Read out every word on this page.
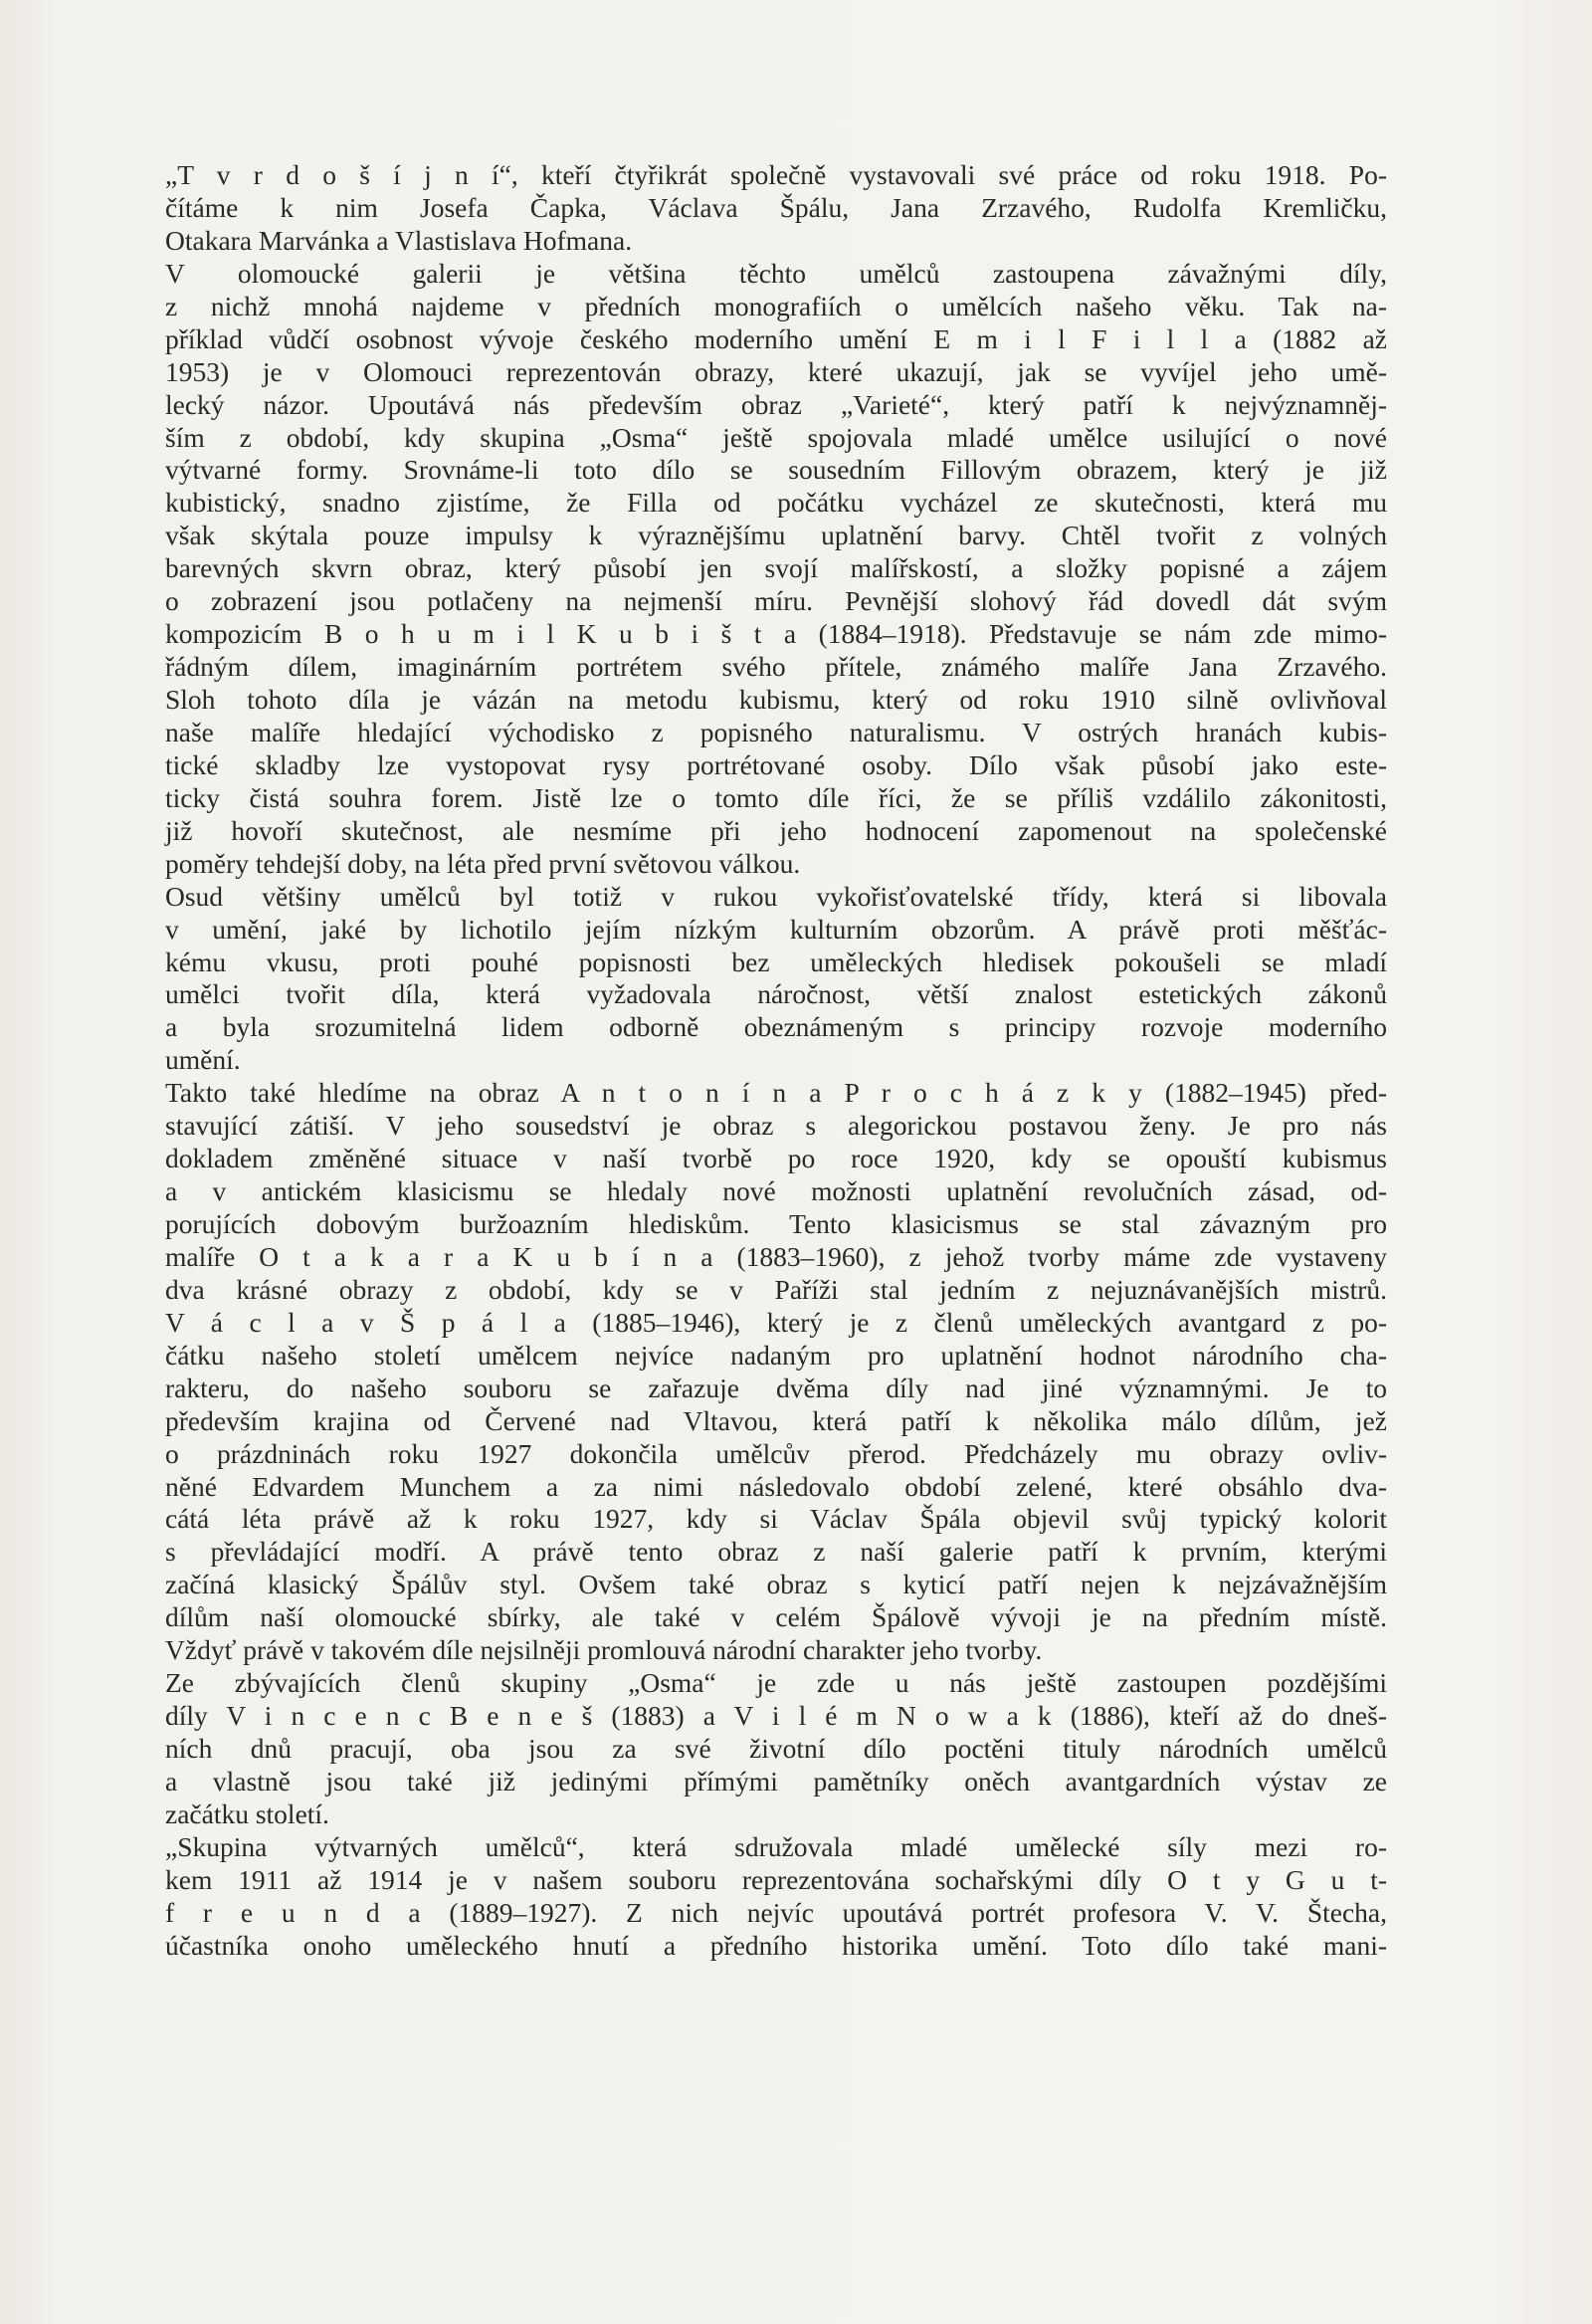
„T v r d o š í j n í“, kteří čtyřikrát společně vystavovali své práce od roku 1918. Po-
čítáme k nim Josefa Čapka, Václava Špálu, Jana Zrzavého, Rudolfa Kremličku,
Otakara Marvánka a Vlastislava Hofmana.
V olomoucké galerii je většina těchto umělců zastoupena závažnými díly,
z nichž mnohá najdeme v předních monografiích o umělcích našeho věku. Tak na-
příklad vůdčí osobnost vývoje českého moderního umění E m i l F i l l a (1882 až
1953) je v Olomouci reprezentován obrazy, které ukazují, jak se vyvíjel jeho umě-
lecký názor. Upoutává nás především obraz „Varieté“, který patří k nejvýznamněj-
ším z období, kdy skupina „Osma“ ještě spojovala mladé umělce usilující o nové
výtvarné formy. Srovnáme-li toto dílo se sousedním Fillovým obrazem, který je již
kubistický, snadno zjistíme, že Filla od počátku vycházel ze skutečnosti, která mu
však skýtala pouze impulsy k výraznějšímu uplatnění barvy. Chtěl tvořit z volných
barevných skvrn obraz, který působí jen svojí malířskostí, a složky popisné a zájem
o zobrazení jsou potlačeny na nejmenší míru. Pevnější slohový řád dovedl dát svým
kompozicím B o h u m i l K u b i š t a (1884–1918). Představuje se nám zde mimo-
řádným dílem, imaginárním portrétem svého přítele, známého malíře Jana Zrzavého.
Sloh tohoto díla je vázán na metodu kubismu, který od roku 1910 silně ovlivňoval
naše malíře hledající východisko z popisného naturalismu. V ostrých hranách kubis-
tické skladby lze vystopovat rysy portrétované osoby. Dílo však působí jako este-
ticky čistá souhra forem. Jistě lze o tomto díle říci, že se příliš vzdálilo zákonitosti,
již hovoří skutečnost, ale nesmíme při jeho hodnocení zapomenout na společenské
poměry tehdejší doby, na léta před první světovou válkou.
Osud většiny umělců byl totiž v rukou vykořisťovatelské třídy, která si libovala
v umění, jaké by lichotilo jejím nízkým kulturním obzorům. A právě proti měšťác-
kému vkusu, proti pouhé popisnosti bez uměleckých hledisek pokoušeli se mladí
umělci tvořit díla, která vyžadovala náročnost, větší znalost estetických zákonů
a byla srozumitelná lidem odborně obeznámeným s principy rozvoje moderního
umění.
Takto také hledíme na obraz A n t o n í n a P r o c h á z k y (1882–1945) před-
stavující zátiší. V jeho sousedství je obraz s alegorickou postavou ženy. Je pro nás
dokladem změněné situace v naší tvorbě po roce 1920, kdy se opouští kubismus
a v antickém klasicismu se hledaly nové možnosti uplatnění revolučních zásad, od-
porujících dobovým buržoazním hlediskům. Tento klasicismus se stal závazným pro
malíře O t a k a r a K u b í n a (1883–1960), z jehož tvorby máme zde vystaveny
dva krásné obrazy z období, kdy se v Paříži stal jedním z nejuznávanějších mistrů.
V á c l a v Š p á l a (1885–1946), který je z členů uměleckých avantgard z po-
čátku našeho století umělcem nejvíce nadaným pro uplatnění hodnot národního cha-
rakteru, do našeho souboru se zařazuje dvěma díly nad jiné významnými. Je to
především krajina od Červené nad Vltavou, která patří k několika málo dílům, jež
o prázdninách roku 1927 dokončila umělcův přerod. Předcházely mu obrazy ovliv-
něné Edvardem Munchem a za nimi následovalo období zelené, které obsáhlo dva-
cátá léta právě až k roku 1927, kdy si Václav Špála objevil svůj typický kolorit
s převládající modří. A právě tento obraz z naší galerie patří k prvním, kterými
začíná klasický Špálův styl. Ovšem také obraz s kyticí patří nejen k nejzávažnějším
dílům naší olomoucké sbírky, ale také v celém Špálově vývoji je na předním místě.
Vždyť právě v takovém díle nejsilněji promlouvá národní charakter jeho tvorby.
Ze zbývajících členů skupiny „Osma“ je zde u nás ještě zastoupen pozdějšími
díly V i n c e n c B e n e š (1883) a V i l é m N o w a k (1886), kteří až do dneš-
ních dnů pracují, oba jsou za své životní dílo poctěni tituly národních umělců
a vlastně jsou také již jedinými přímými pamětníky oněch avantgardních výstav ze
začátku století.
„Skupina výtvarných umělců“, která sdružovala mladé umělecké síly mezi ro-
kem 1911 až 1914 je v našem souboru reprezentována sochařskými díly O t y G u t-
f r e u n d a (1889–1927). Z nich nejvíc upoutává portrét profesora V. V. Štecha,
účastníka onoho uměleckého hnutí a předního historika umění. Toto dílo také mani-
